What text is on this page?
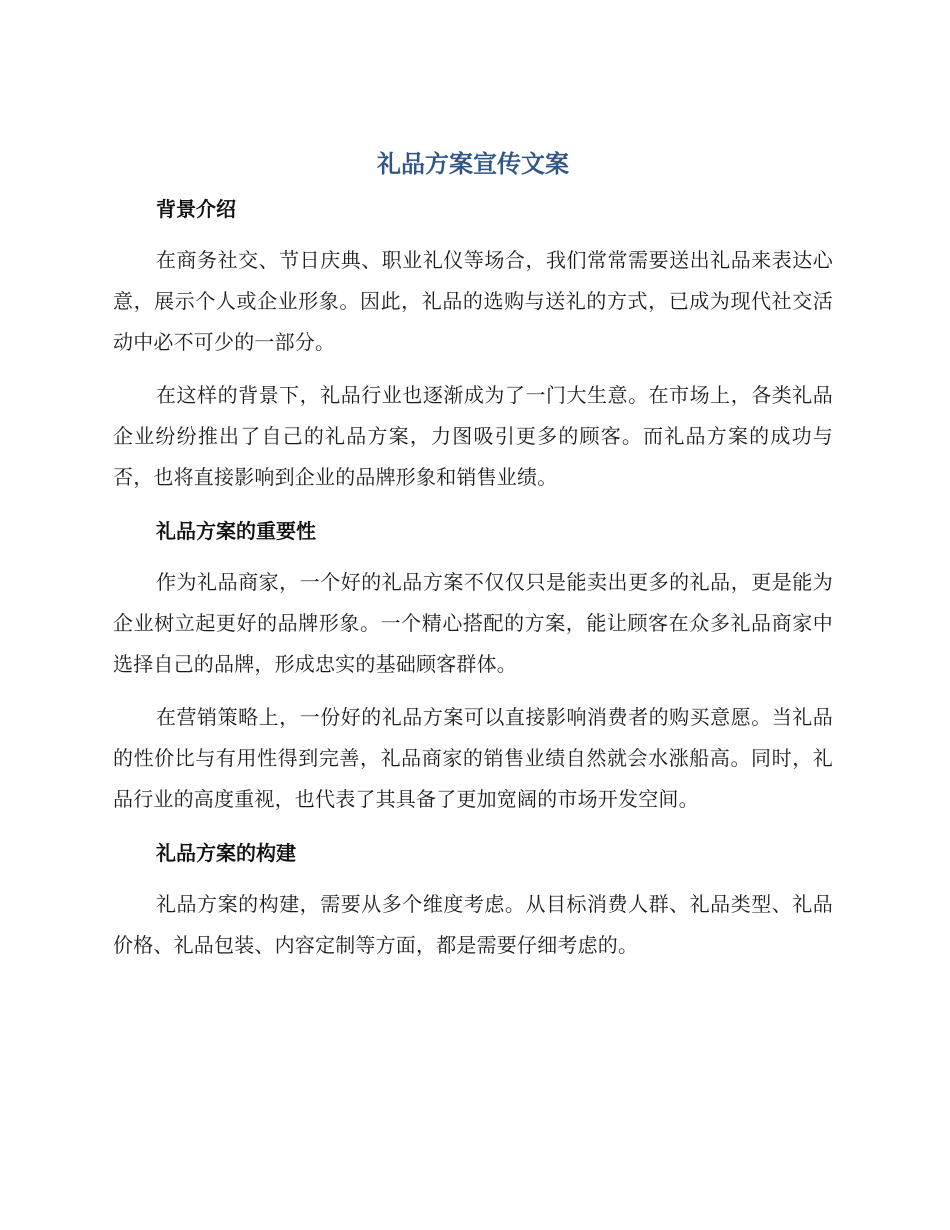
礼品方案宣传文案
背景介绍

在商务社交、节日庆典、职业礼仪等场合，我们常常需要送出礼品来表达心意，展示个人或企业形象。因此，礼品的选购与送礼的方式，已成为现代社交活动中必不可少的一部分。

在这样的背景下，礼品行业也逐渐成为了一门大生意。在市场上，各类礼品企业纷纷推出了自己的礼品方案，力图吸引更多的顾客。而礼品方案的成功与否，也将直接影响到企业的品牌形象和销售业绩。

礼品方案的重要性

作为礼品商家，一个好的礼品方案不仅仅只是能卖出更多的礼品，更是能为企业树立起更好的品牌形象。一个精心搭配的方案，能让顾客在众多礼品商家中选择自己的品牌，形成忠实的基础顾客群体。

在营销策略上，一份好的礼品方案可以直接影响消费者的购买意愿。当礼品的性价比与有用性得到完善，礼品商家的销售业绩自然就会水涨船高。同时，礼品行业的高度重视，也代表了其具备了更加宽阔的市场开发空间。

礼品方案的构建

礼品方案的构建，需要从多个维度考虑。从目标消费人群、礼品类型、礼品价格、礼品包装、内容定制等方面，都是需要仔细考虑的。
